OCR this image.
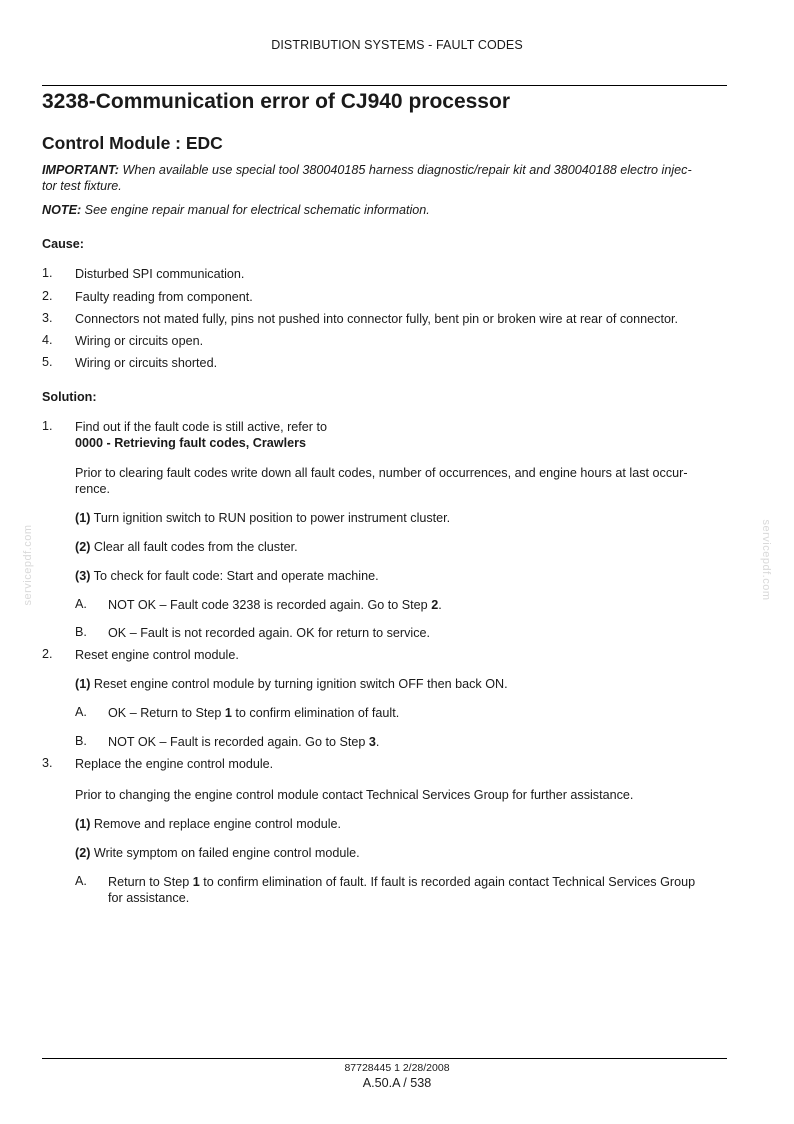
DISTRIBUTION SYSTEMS - FAULT CODES
3238-Communication error of CJ940 processor
Control Module : EDC
IMPORTANT: When available use special tool 380040185 harness diagnostic/repair kit and 380040188 electro injec-
tor test fixture.
NOTE: See engine repair manual for electrical schematic information.
Cause:
1. Disturbed SPI communication.
2. Faulty reading from component.
3. Connectors not mated fully, pins not pushed into connector fully, bent pin or broken wire at rear of connector.
4. Wiring or circuits open.
5. Wiring or circuits shorted.
Solution:
1. Find out if the fault code is still active, refer to
0000 - Retrieving fault codes, Crawlers
Prior to clearing fault codes write down all fault codes, number of occurrences, and engine hours at last occur-
rence.
(1) Turn ignition switch to RUN position to power instrument cluster.
(2) Clear all fault codes from the cluster.
(3) To check for fault code: Start and operate machine.
A. NOT OK – Fault code 3238 is recorded again. Go to Step 2.
B. OK – Fault is not recorded again. OK for return to service.
2. Reset engine control module.
(1) Reset engine control module by turning ignition switch OFF then back ON.
A. OK – Return to Step 1 to confirm elimination of fault.
B. NOT OK – Fault is recorded again. Go to Step 3.
3. Replace the engine control module.
Prior to changing the engine control module contact Technical Services Group for further assistance.
(1) Remove and replace engine control module.
(2) Write symptom on failed engine control module.
A. Return to Step 1 to confirm elimination of fault. If fault is recorded again contact Technical Services Group
for assistance.
servicepdf.com	servicepdf.com
87728445 1 2/28/2008
A.50.A / 538
